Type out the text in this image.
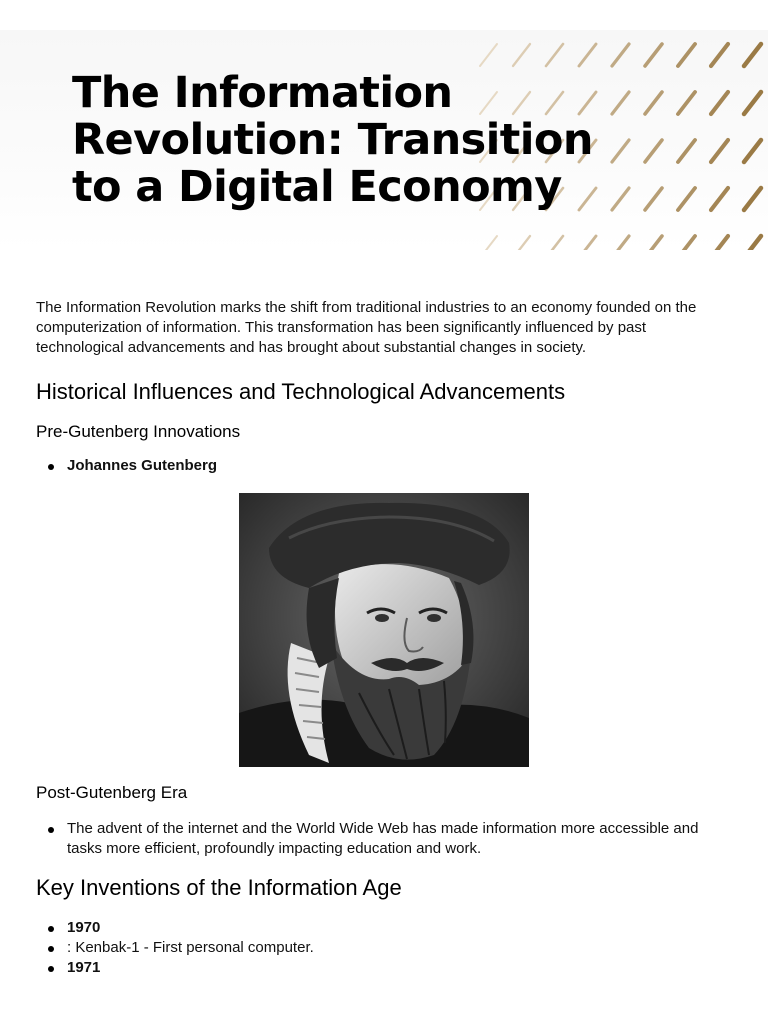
The Information
Revolution: Transition
to a Digital Economy

The Information Revolution marks the shift from traditional industries to an economy founded on the computerization of information. This transformation has been significantly influenced by past technological advancements and has brought about substantial changes in society.

Historical Influences and Technological Advancements
Pre-Gutenberg Innovations
Johannes Gutenberg
Post-Gutenberg Era
The advent of the internet and the World Wide Web has made information more accessible and tasks more efficient, profoundly impacting education and work.
Key Inventions of the Information Age
1970
: Kenbak-1 - First personal computer.
1971
